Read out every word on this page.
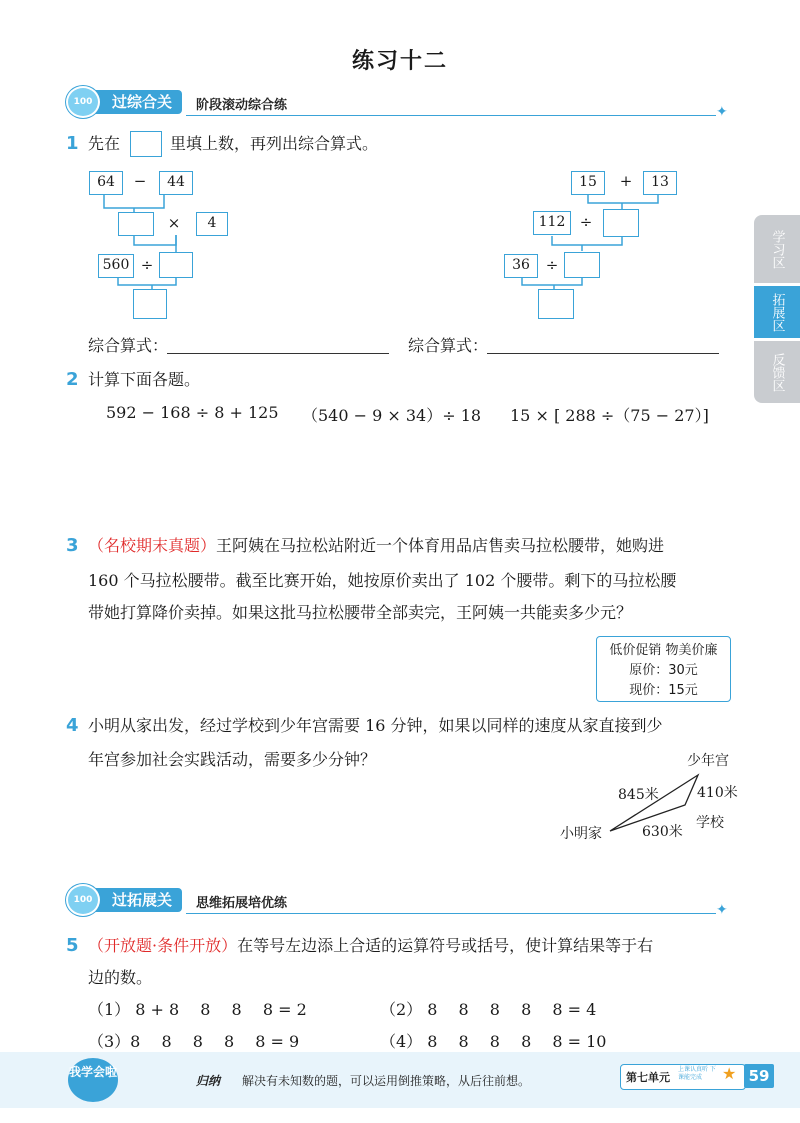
练习十二
过综合关
100	阶段滚动综合练	✦
学习区
拓展区
反馈区
1 先在	里填上数，再列出综合算式。
64	−	44
×	4
560 ÷
15	+	13
112 ÷
36	÷
综合算式：	综合算式：
2 计算下面各题。
592 − 168 ÷ 8 + 125 （540 − 9 × 34）÷ 18 15 × [ 288 ÷（75 − 27）]
3 （名校期末真题）王阿姨在马拉松站附近一个体育用品店售卖马拉松腰带，她购进
160 个马拉松腰带。截至比赛开始，她按原价卖出了 102 个腰带。剩下的马拉松腰
带她打算降价卖掉。如果这批马拉松腰带全部卖完，王阿姨一共能卖多少元？
低价促销 物美价廉
原价：30元
现价：15元
4 小明从家出发，经过学校到少年宫需要 16 分钟，如果以同样的速度从家直接到少
年宫参加社会实践活动，需要多少分钟？	少年宫
学校
小明家
845米	410米
630米
过拓展关
100	思维拓展培优练	✦
5 （开放题·条件开放）在等号左边添上合适的运算符号或括号，使计算结果等于右
边的数。
（1） 8 + 8　 8　 8　 8 = 2	（2） 8　 8　 8　 8　 8 = 4
（3）8　 8　 8　 8　 8 = 9	（4） 8　 8　 8　 8　 8 = 10
我学会啦
归纳 解决有未知数的题，可以运用倒推策略，从后往前想。	第七单元
上课认真听 下课能完成	★ 59
